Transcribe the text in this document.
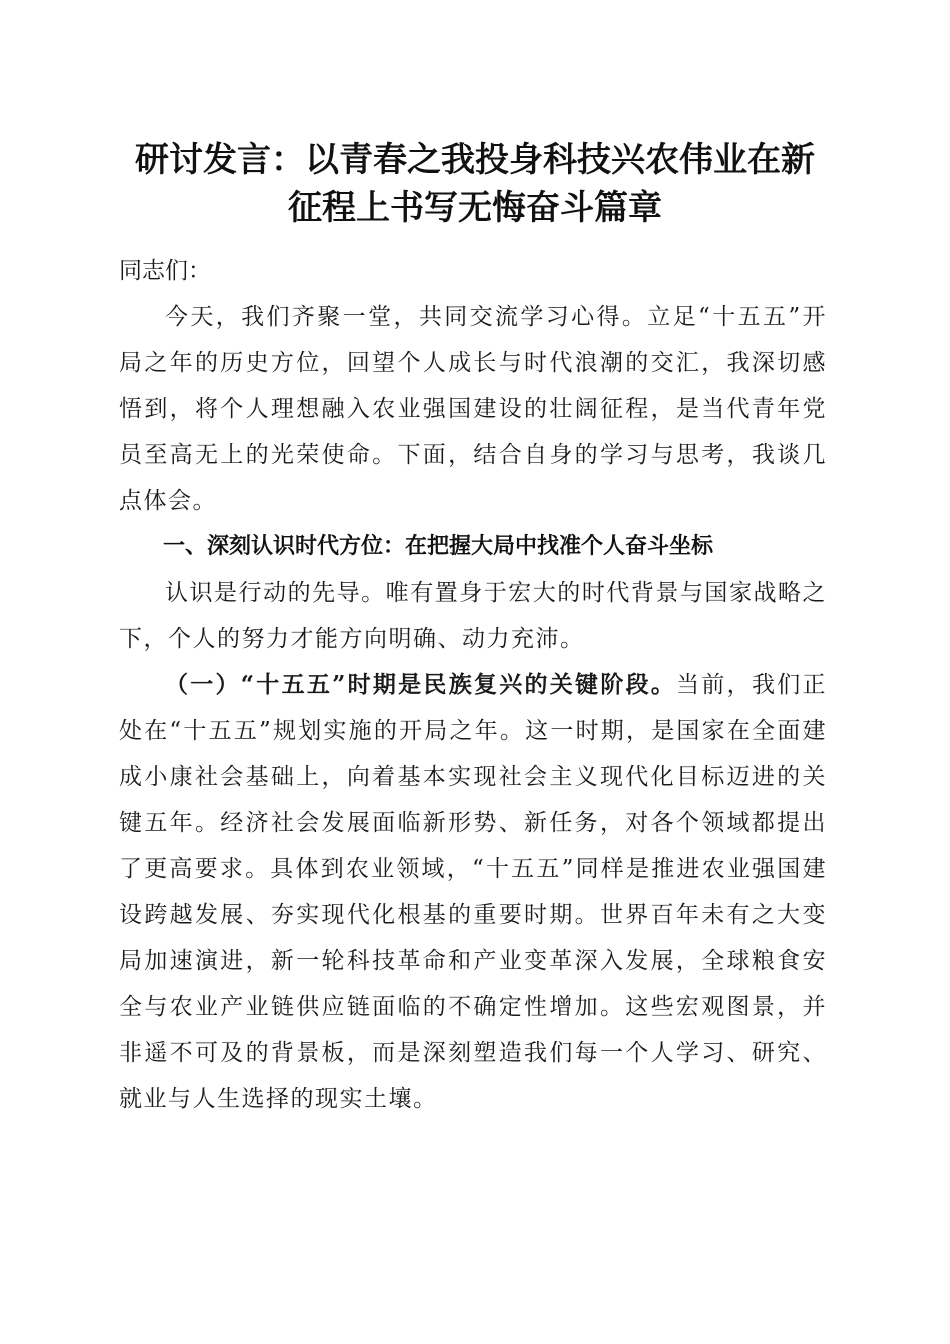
研讨发言：以青春之我投身科技兴农伟业在新
征程上书写无悔奋斗篇章

同志们：

今天，我们齐聚一堂，共同交流学习心得。立足“十五五”开局之年的历史方位，回望个人成长与时代浪潮的交汇，我深切感悟到，将个人理想融入农业强国建设的壮阔征程，是当代青年党员至高无上的光荣使命。下面，结合自身的学习与思考，我谈几点体会。

一、深刻认识时代方位：在把握大局中找准个人奋斗坐标

认识是行动的先导。唯有置身于宏大的时代背景与国家战略之下，个人的努力才能方向明确、动力充沛。

（一）“十五五”时期是民族复兴的关键阶段。当前，我们正处在“十五五”规划实施的开局之年。这一时期，是国家在全面建成小康社会基础上，向着基本实现社会主义现代化目标迈进的关键五年。经济社会发展面临新形势、新任务，对各个领域都提出了更高要求。具体到农业领域，“十五五”同样是推进农业强国建设跨越发展、夯实现代化根基的重要时期。世界百年未有之大变局加速演进，新一轮科技革命和产业变革深入发展，全球粮食安全与农业产业链供应链面临的不确定性增加。这些宏观图景，并非遥不可及的背景板，而是深刻塑造我们每一个人学习、研究、就业与人生选择的现实土壤。
